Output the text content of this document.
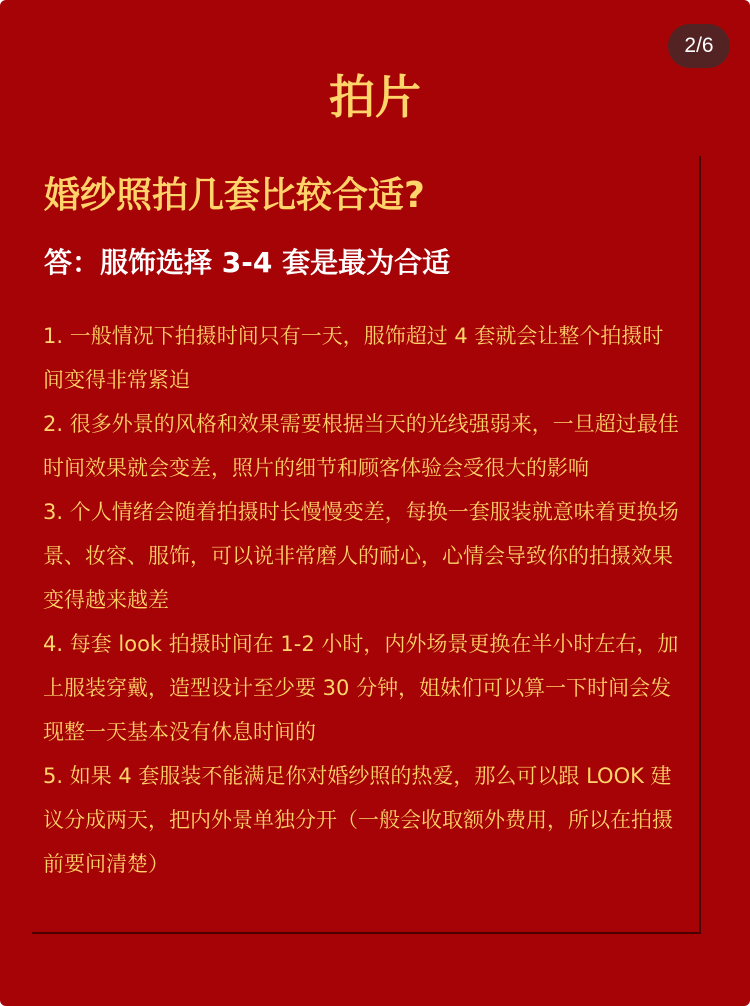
2/6
拍片
婚纱照拍几套比较合适?
答：服饰选择 3-4 套是最为合适
1. 一般情况下拍摄时间只有一天，服饰超过 4 套就会让整个拍摄时间变得非常紧迫
2. 很多外景的风格和效果需要根据当天的光线强弱来，一旦超过最佳时间效果就会变差，照片的细节和顾客体验会受很大的影响
3. 个人情绪会随着拍摄时长慢慢变差，每换一套服装就意味着更换场景、妆容、服饰，可以说非常磨人的耐心，心情会导致你的拍摄效果变得越来越差
4. 每套 look 拍摄时间在 1-2 小时，内外场景更换在半小时左右，加上服装穿戴，造型设计至少要 30 分钟，姐妹们可以算一下时间会发现整一天基本没有休息时间的
5. 如果 4 套服装不能满足你对婚纱照的热爱，那么可以跟 LOOK 建议分成两天，把内外景单独分开（一般会收取额外费用，所以在拍摄前要问清楚）
